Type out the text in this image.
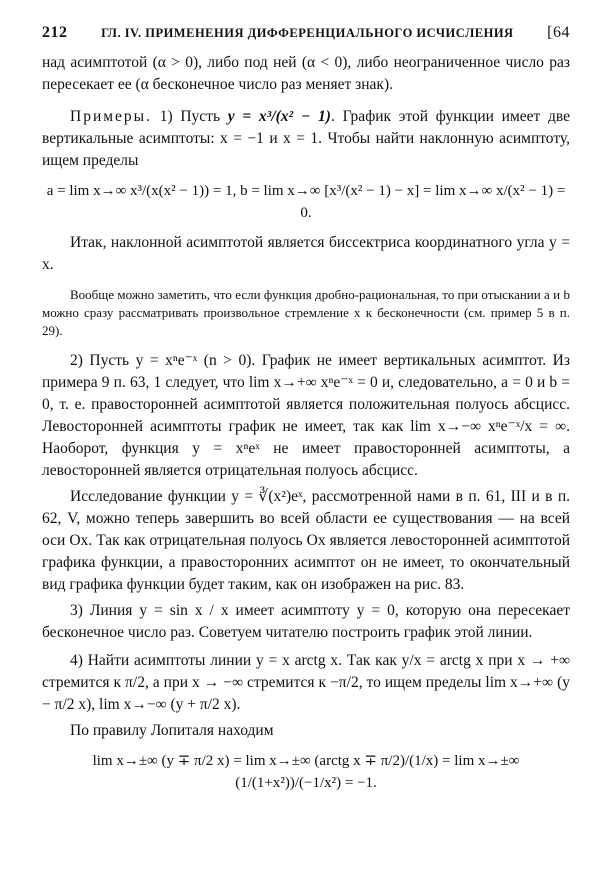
212	ГЛ. IV. ПРИМЕНЕНИЯ ДИФФЕРЕНЦИАЛЬНОГО ИСЧИСЛЕНИЯ	[64

над асимптотой (α > 0), либо под ней (α < 0), либо неограниченное число раз пересекает ее (α бесконечное число раз меняет знак).

Примеры. 1) Пусть y = x³/(x² − 1). График этой функции имеет две вертикальные асимптоты: x = −1 и x = 1. Чтобы найти наклонную асимптоту, ищем пределы

a = lim x→∞ x³/(x(x² − 1)) = 1, b = lim x→∞ [x³/(x² − 1) − x] = lim x→∞ x/(x² − 1) = 0.

Итак, наклонной асимптотой является биссектриса координатного угла y = x.

Вообще можно заметить, что если функция дробно-рациональная, то при отыскании a и b можно сразу рассматривать произвольное стремление x к бесконечности (см. пример 5 в п. 29).

2) Пусть y = xⁿe⁻ˣ (n > 0). График не имеет вертикальных асимптот. Из примера 9 п. 63, 1 следует, что lim x→+∞ xⁿe⁻ˣ = 0 и, следовательно, a = 0 и b = 0, т. е. правосторонней асимптотой является положительная полуось абсцисс. Левосторонней асимптоты график не имеет, так как lim x→−∞ xⁿe⁻ˣ/x = ∞. Наоборот, функция y = xⁿeˣ не имеет правосторонней асимптоты, а левосторонней является отрицательная полуось абсцисс.

Исследование функции y = ∛(x²)eˣ, рассмотренной нами в п. 61, III и в п. 62, V, можно теперь завершить во всей области ее существования — на всей оси Ox. Так как отрицательная полуось Ox является левосторонней асимптотой графика функции, а правосторонних асимптот он не имеет, то окончательный вид графика функции будет таким, как он изображен на рис. 83.

3) Линия y = sin x / x имеет асимптоту y = 0, которую она пересекает бесконечное число раз. Советуем читателю построить график этой линии.

4) Найти асимптоты линии y = x arctg x. Так как y/x = arctg x при x → +∞ стремится к π/2, а при x → −∞ стремится к −π/2, то ищем пределы lim x→+∞ (y − π/2 x), lim x→−∞ (y + π/2 x).

По правилу Лопиталя находим

lim x→±∞ (y ∓ π/2 x) = lim x→±∞ (arctg x ∓ π/2)/(1/x) = lim x→±∞ (1/(1+x²))/(−1/x²) = −1.
